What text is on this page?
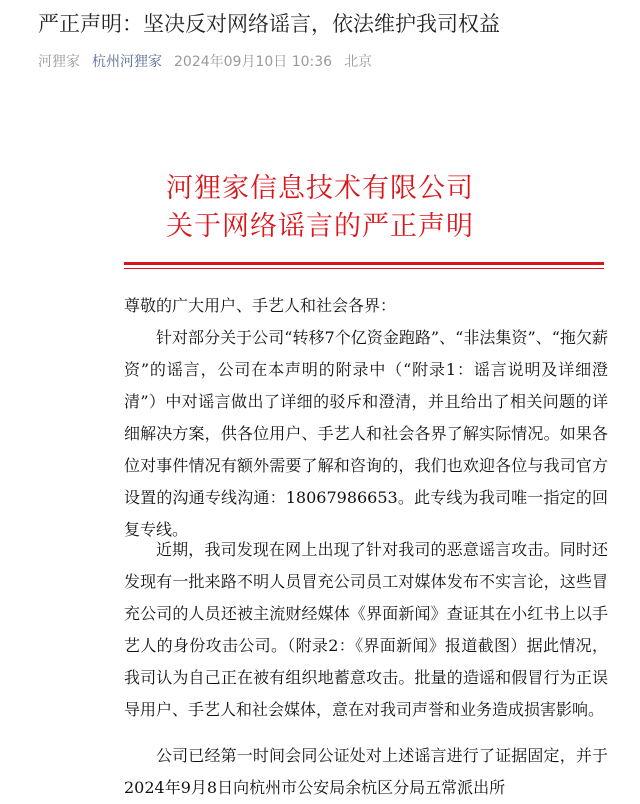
严正声明：坚决反对网络谣言，依法维护我司权益
河狸家 杭州河狸家 2024年09月10日 10:36 北京
河狸家信息技术有限公司
关于网络谣言的严正声明
尊敬的广大用户、手艺人和社会各界：

针对部分关于公司“转移7个亿资金跑路”、“非法集资”、“拖欠薪资”的谣言，公司在本声明的附录中（“附录1：谣言说明及详细澄清”）中对谣言做出了详细的驳斥和澄清，并且给出了相关问题的详细解决方案，供各位用户、手艺人和社会各界了解实际情况。如果各位对事件情况有额外需要了解和咨询的，我们也欢迎各位与我司官方设置的沟通专线沟通：18067986653。此专线为我司唯一指定的回复专线。

近期，我司发现在网上出现了针对我司的恶意谣言攻击。同时还发现有一批来路不明人员冒充公司员工对媒体发布不实言论，这些冒充公司的人员还被主流财经媒体《界面新闻》查证其在小红书上以手艺人的身份攻击公司。（附录2：《界面新闻》报道截图）据此情况，我司认为自己正在被有组织地蓄意攻击。批量的造谣和假冒行为正误导用户、手艺人和社会媒体，意在对我司声誉和业务造成损害影响。

公司已经第一时间会同公证处对上述谣言进行了证据固定，并于2024年9月8日向杭州市公安局余杭区分局五常派出所
